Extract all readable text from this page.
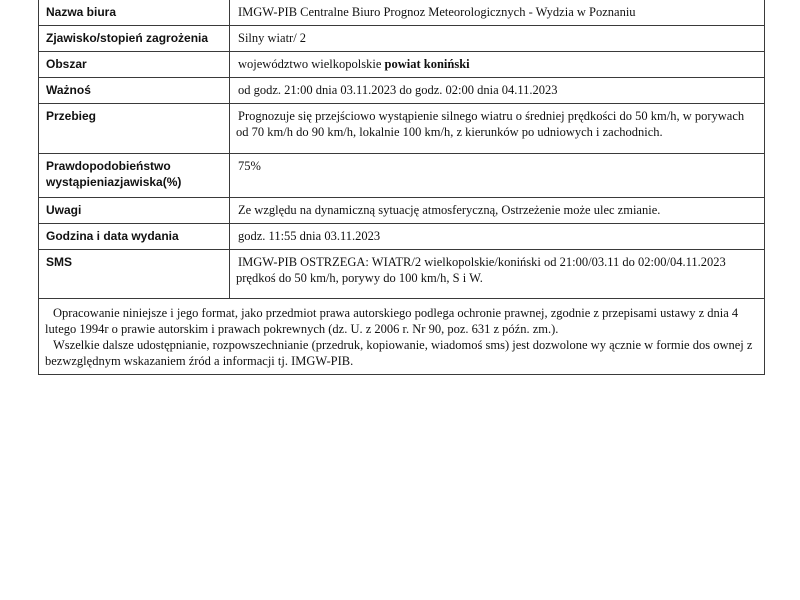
Nazwa biura	IMGW-PIB Centralne Biuro Prognoz Meteorologicznych - Wydzia w Poznaniu
Zjawisko/stopień zagrożenia	Silny wiatr/ 2
Obszar	województwo wielkopolskie powiat koniński
Ważnoś	od godz. 21:00 dnia 03.11.2023 do godz. 02:00 dnia 04.11.2023
Przebieg	Prognozuje się przejściowo wystąpienie silnego wiatru o średniej prędkości do 50 km/h, w porywach od 70 km/h do 90 km/h, lokalnie 100 km/h, z kierunków po udniowych i zachodnich.
Prawdopodobieństwo wystąpieniazjawiska(%)	75%
Uwagi	Ze względu na dynamiczną sytuację atmosferyczną, Ostrzeżenie może ulec zmianie.
Godzina i data wydania	godz. 11:55 dnia 03.11.2023
SMS	IMGW-PIB OSTRZEGA: WIATR/2 wielkopolskie/koniński od 21:00/03.11 do 02:00/04.11.2023 prędkoś do 50 km/h, porywy do 100 km/h, S i W.

Opracowanie niniejsze i jego format, jako przedmiot prawa autorskiego podlega ochronie prawnej, zgodnie z przepisami ustawy z dnia 4 lutego 1994r o prawie autorskim i prawach pokrewnych (dz. U. z 2006 r. Nr 90, poz. 631 z późn. zm.).

Wszelkie dalsze udostępnianie, rozpowszechnianie (przedruk, kopiowanie, wiadomoś sms) jest dozwolone wy ącznie w formie dos ownej z bezwzględnym wskazaniem źród a informacji tj. IMGW-PIB.	
